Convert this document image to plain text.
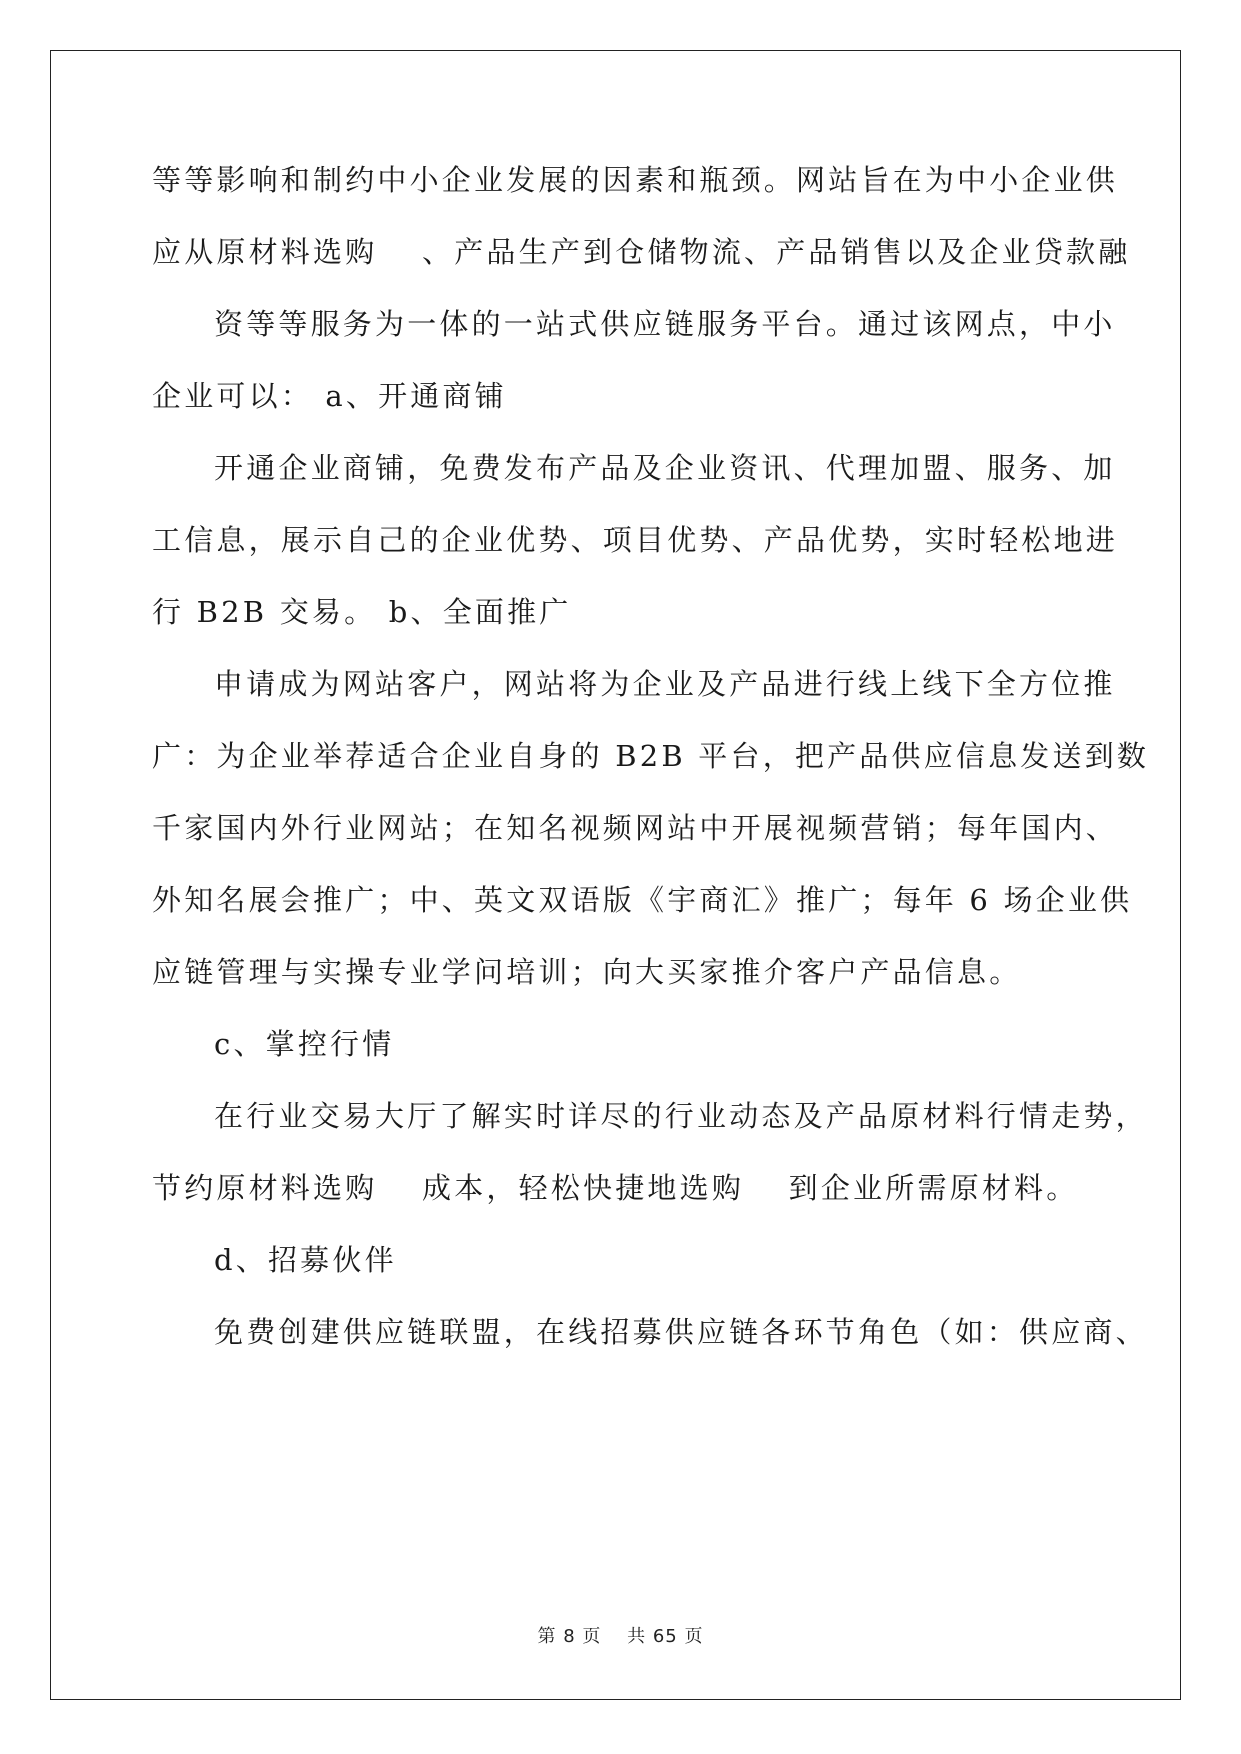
等等影响和制约中小企业发展的因素和瓶颈。网站旨在为中小企业供
应从原材料选购　 、产品生产到仓储物流、产品销售以及企业贷款融
资等等服务为一体的一站式供应链服务平台。通过该网点，中小
企业可以： a、开通商铺
开通企业商铺，免费发布产品及企业资讯、代理加盟、服务、加
工信息，展示自己的企业优势、项目优势、产品优势，实时轻松地进
行 B2B 交易。 b、全面推广
申请成为网站客户，网站将为企业及产品进行线上线下全方位推
广：为企业举荐适合企业自身的 B2B 平台，把产品供应信息发送到数
千家国内外行业网站；在知名视频网站中开展视频营销；每年国内、
外知名展会推广；中、英文双语版《宇商汇》推广；每年 6 场企业供
应链管理与实操专业学问培训；向大买家推介客户产品信息。
c、掌控行情
在行业交易大厅了解实时详尽的行业动态及产品原材料行情走势，
节约原材料选购　 成本，轻松快捷地选购　 到企业所需原材料。
d、招募伙伴
免费创建供应链联盟，在线招募供应链各环节角色（如：供应商、
第 8 页　 共 65 页
